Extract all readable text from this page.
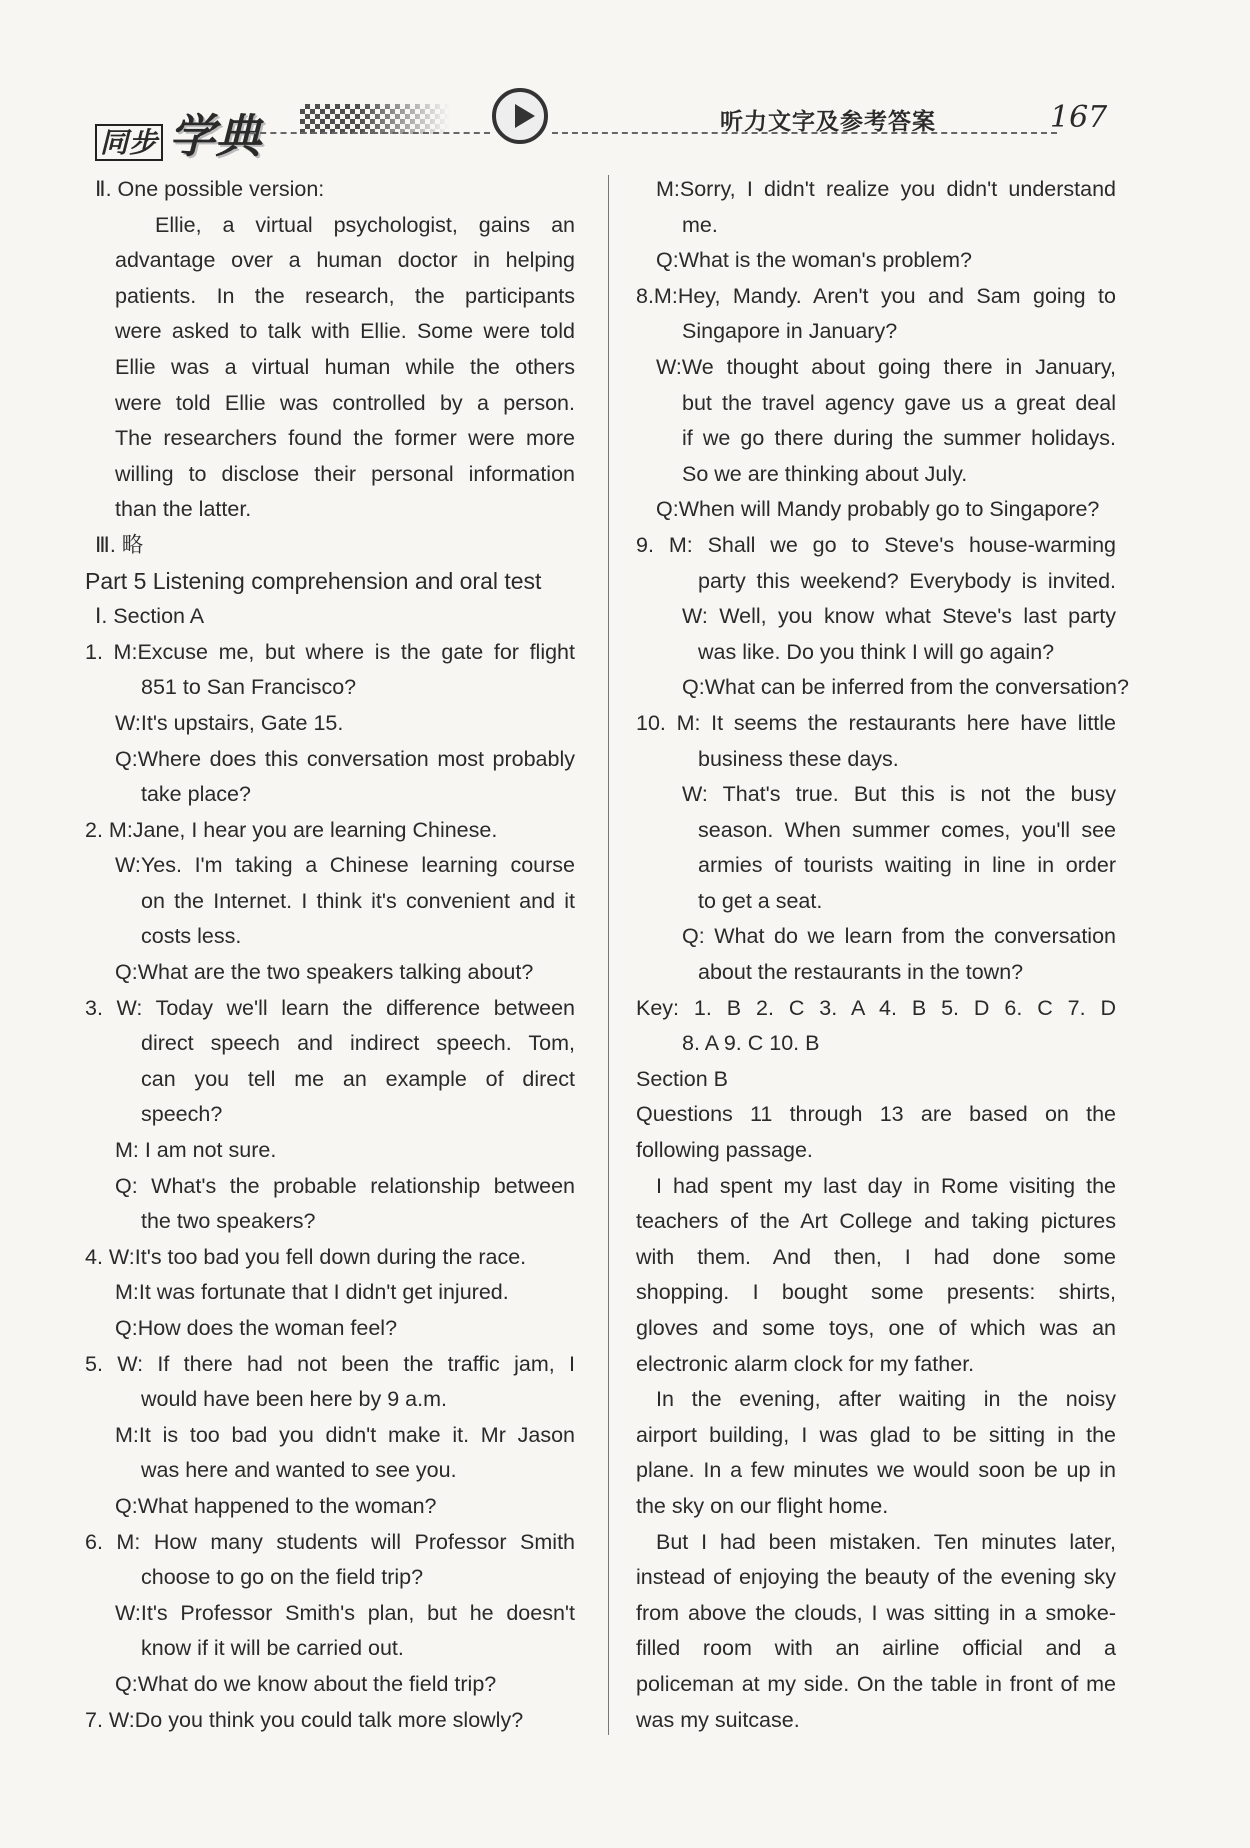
同步 学典	听力文字及参考答案	167
Ⅱ. One possible version:
Ellie, a virtual psychologist, gains an
advantage over a human doctor in helping
patients. In the research, the participants
were asked to talk with Ellie. Some were told
Ellie was a virtual human while the others
were told Ellie was controlled by a person.
The researchers found the former were more
willing to disclose their personal information
than the latter.
Ⅲ. 略
Part 5 Listening comprehension and oral test
Ⅰ. Section A
1. M:Excuse me, but where is the gate for flight
851 to San Francisco?
W:It's upstairs, Gate 15.
Q:Where does this conversation most probably
take place?
2. M:Jane, I hear you are learning Chinese.
W:Yes. I'm taking a Chinese learning course
on the Internet. I think it's convenient and it
costs less.
Q:What are the two speakers talking about?
3. W: Today we'll learn the difference between
direct speech and indirect speech. Tom,
can you tell me an example of direct
speech?
M: I am not sure.
Q: What's the probable relationship between
the two speakers?
4. W:It's too bad you fell down during the race.
M:It was fortunate that I didn't get injured.
Q:How does the woman feel?
5. W: If there had not been the traffic jam, I
would have been here by 9 a.m.
M:It is too bad you didn't make it. Mr Jason
was here and wanted to see you.
Q:What happened to the woman?
6. M: How many students will Professor Smith
choose to go on the field trip?
W:It's Professor Smith's plan, but he doesn't
know if it will be carried out.
Q:What do we know about the field trip?
7. W:Do you think you could talk more slowly?
M:Sorry, I didn't realize you didn't understand
me.
Q:What is the woman's problem?
8.M:Hey, Mandy. Aren't you and Sam going to
Singapore in January?
W:We thought about going there in January,
but the travel agency gave us a great deal
if we go there during the summer holidays.
So we are thinking about July.
Q:When will Mandy probably go to Singapore?
9. M: Shall we go to Steve's house-warming
party this weekend? Everybody is invited.
W: Well, you know what Steve's last party
was like. Do you think I will go again?
Q:What can be inferred from the conversation?
10. M: It seems the restaurants here have little
business these days.
W: That's true. But this is not the busy
season. When summer comes, you'll see
armies of tourists waiting in line in order
to get a seat.
Q: What do we learn from the conversation
about the restaurants in the town?
Key: 1. B 2. C 3. A 4. B 5. D 6. C 7. D
8. A 9. C 10. B
Section B
Questions 11 through 13 are based on the
following passage.
I had spent my last day in Rome visiting the
teachers of the Art College and taking pictures
with them. And then, I had done some
shopping. I bought some presents: shirts,
gloves and some toys, one of which was an
electronic alarm clock for my father.
In the evening, after waiting in the noisy
airport building, I was glad to be sitting in the
plane. In a few minutes we would soon be up in
the sky on our flight home.
But I had been mistaken. Ten minutes later,
instead of enjoying the beauty of the evening sky
from above the clouds, I was sitting in a smoke-
filled room with an airline official and a
policeman at my side. On the table in front of me
was my suitcase.
